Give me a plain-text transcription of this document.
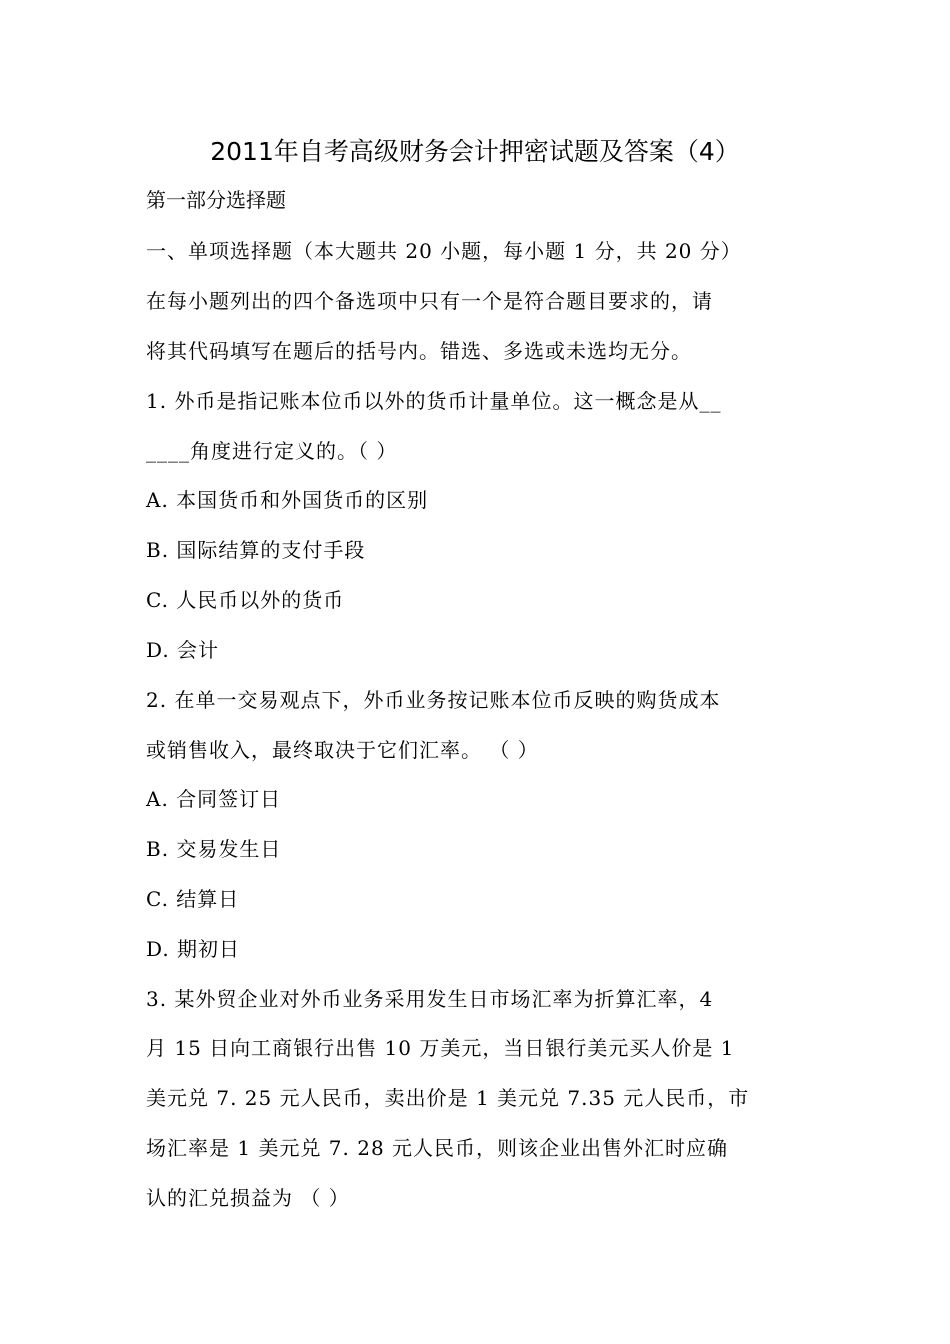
2011年自考高级财务会计押密试题及答案（4）
第一部分选择题
一、单项选择题（本大题共 20 小题，每小题 1 分，共 20 分）
在每小题列出的四个备选项中只有一个是符合题目要求的，请
将其代码填写在题后的括号内。错选、多选或未选均无分。
1. 外币是指记账本位币以外的货币计量单位。这一概念是从__
____角度进行定义的。（ ）
A. 本国货币和外国货币的区别
B. 国际结算的支付手段
C. 人民币以外的货币
D. 会计
2. 在单一交易观点下，外币业务按记账本位币反映的购货成本
或销售收入，最终取决于它们汇率。 （ ）
A. 合同签订日
B. 交易发生日
C. 结算日
D. 期初日
3. 某外贸企业对外币业务采用发生日市场汇率为折算汇率，4
月 15 日向工商银行出售 10 万美元，当日银行美元买人价是 1
美元兑 7. 25 元人民币，卖出价是 1 美元兑 7.35 元人民币，市
场汇率是 1 美元兑 7. 28 元人民币，则该企业出售外汇时应确
认的汇兑损益为 （ ）
